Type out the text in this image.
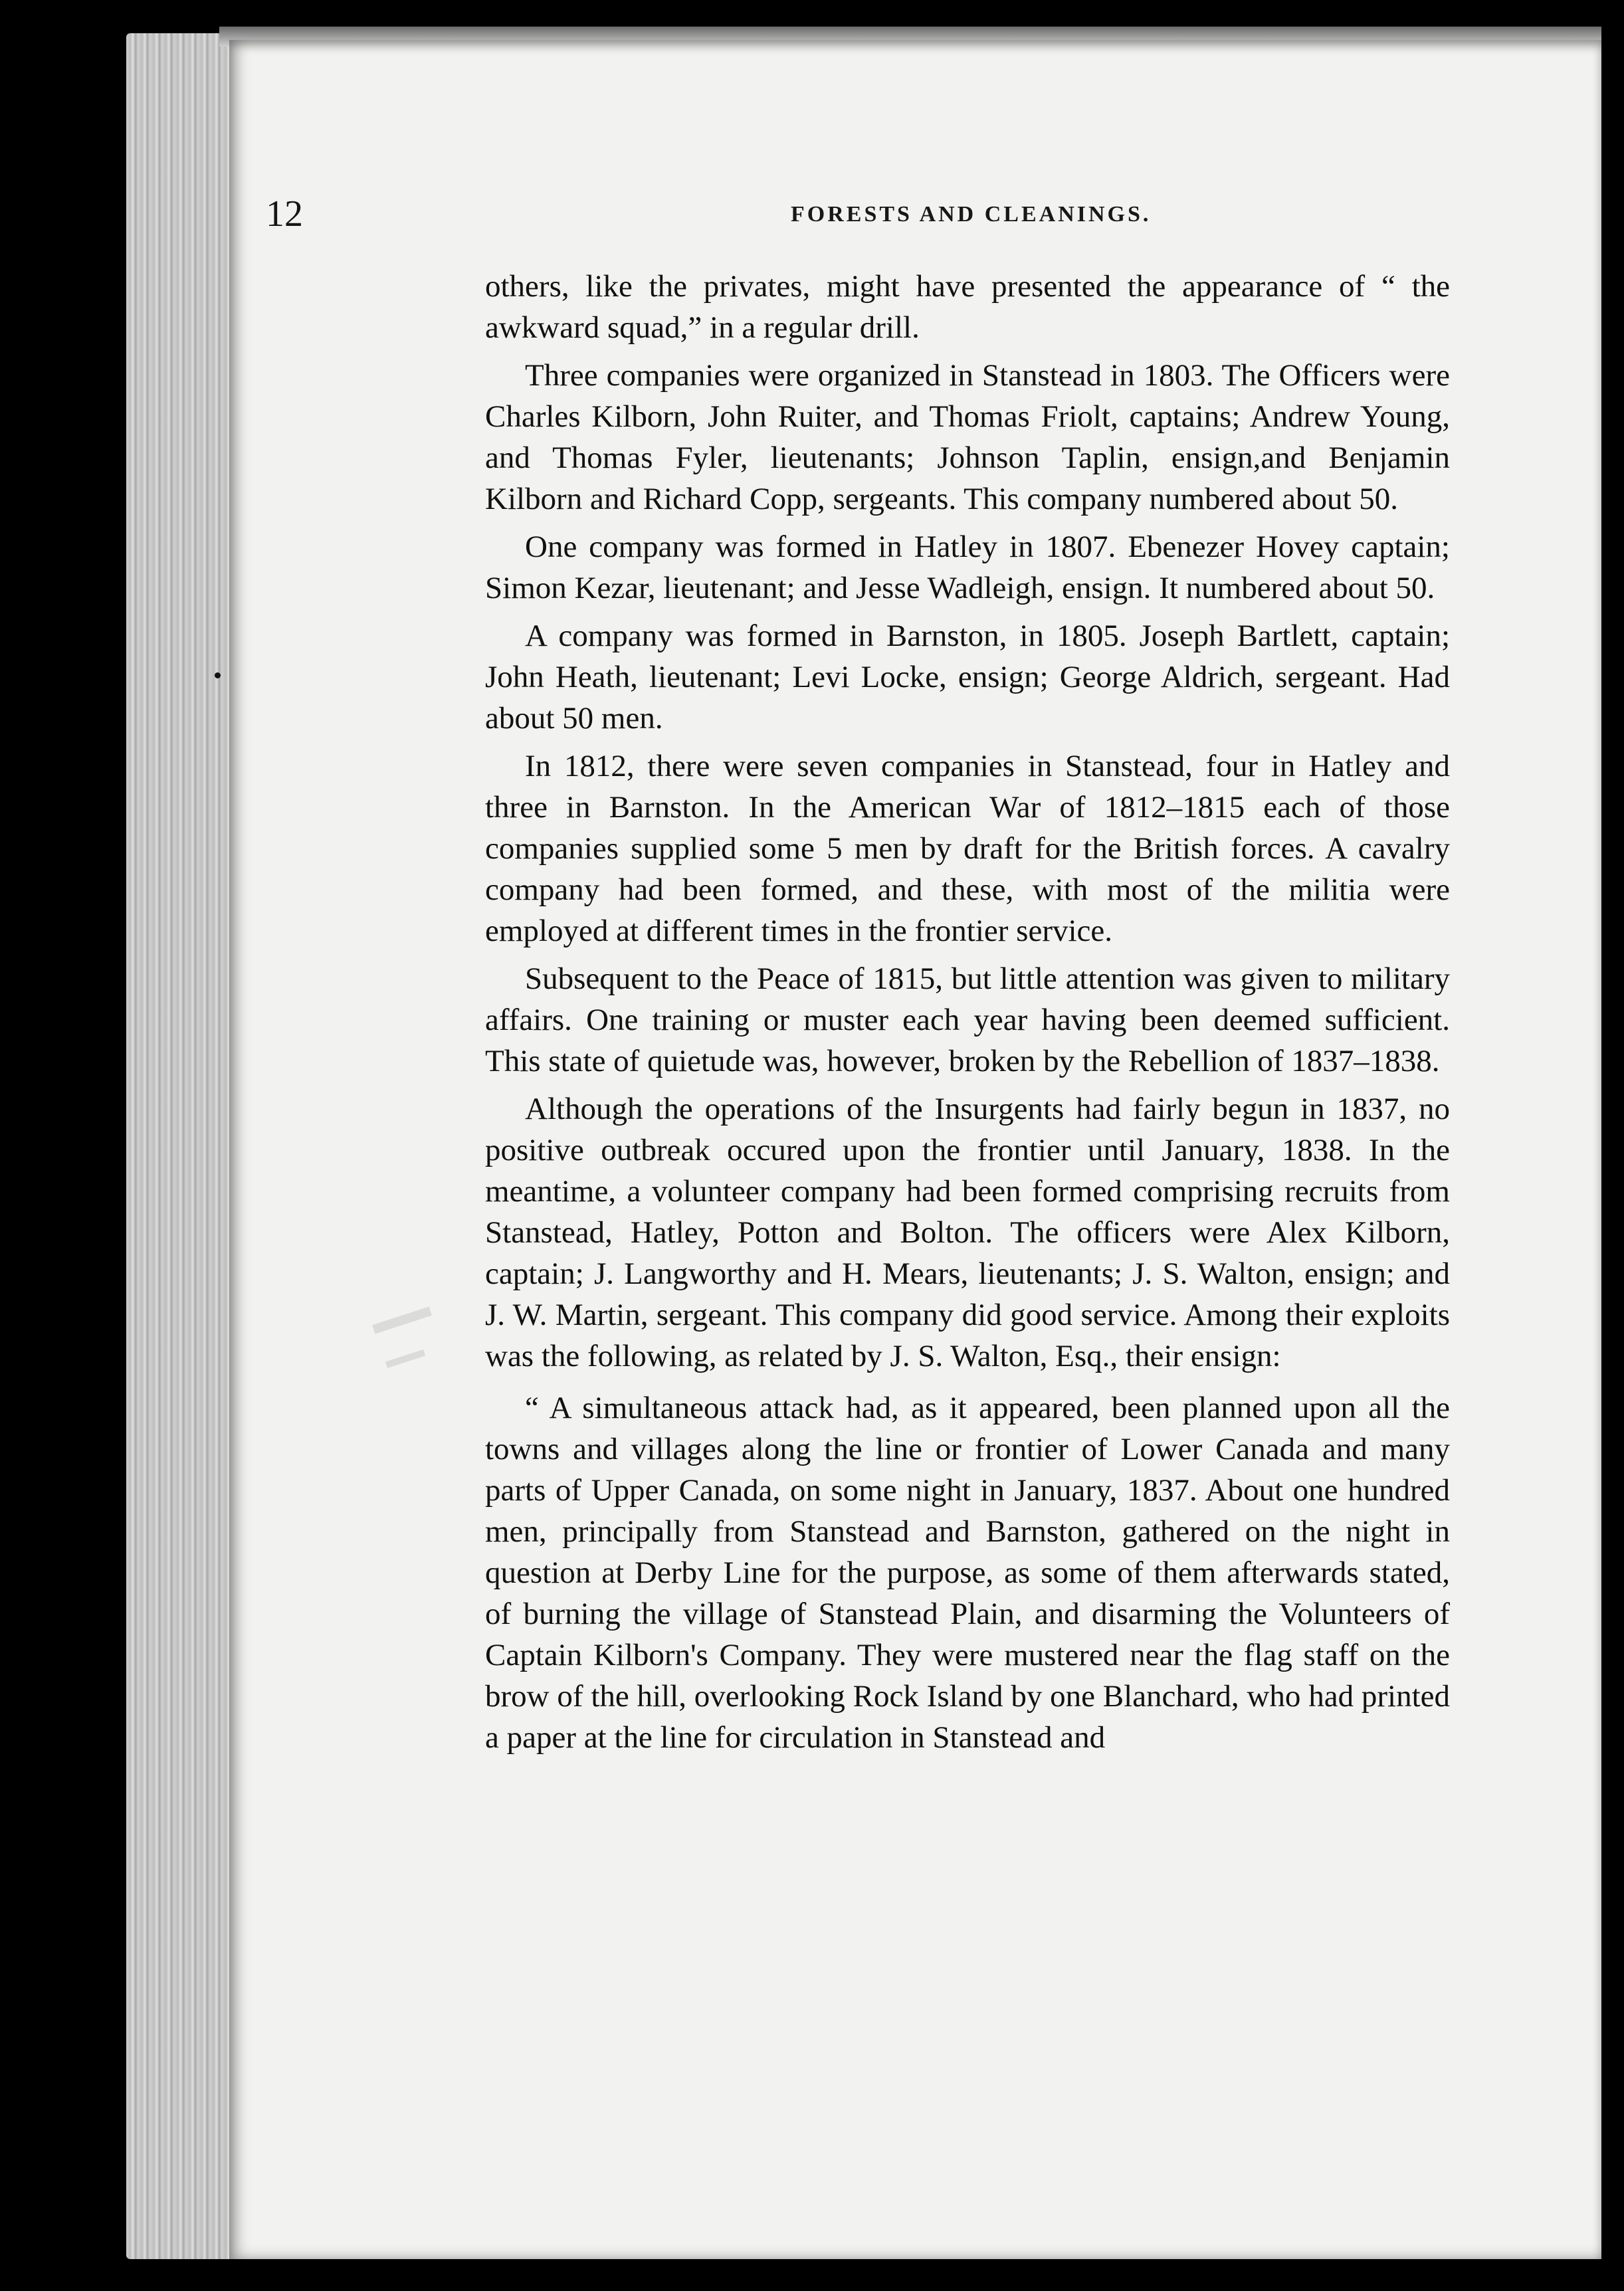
12	FORESTS AND CLEANINGS.

others, like the privates, might have presented the appearance of “ the awkward squad,” in a regular drill.

Three companies were organized in Stanstead in 1803. The Officers were Charles Kilborn, John Ruiter, and Thomas Friolt, captains; Andrew Young, and Thomas Fyler, lieutenants; Johnson Taplin, ensign,and Benjamin Kilborn and Richard Copp, sergeants. This company numbered about 50.

One company was formed in Hatley in 1807. Ebenezer Hovey captain; Simon Kezar, lieutenant; and Jesse Wadleigh, ensign. It numbered about 50.

A company was formed in Barnston, in 1805. Joseph Bartlett, captain; John Heath, lieutenant; Levi Locke, ensign; George Aldrich, sergeant. Had about 50 men.

In 1812, there were seven companies in Stanstead, four in Hatley and three in Barnston. In the American War of 1812–1815 each of those companies supplied some 5 men by draft for the British forces. A cavalry company had been formed, and these, with most of the militia were employed at different times in the frontier service.

Subsequent to the Peace of 1815, but little attention was given to military affairs. One training or muster each year having been deemed sufficient. This state of quietude was, however, broken by the Rebellion of 1837–1838.

Although the operations of the Insurgents had fairly begun in 1837, no positive outbreak occured upon the frontier until January, 1838. In the meantime, a volunteer company had been formed comprising recruits from Stanstead, Hatley, Potton and Bolton. The officers were Alex Kilborn, captain; J. Langworthy and H. Mears, lieutenants; J. S. Walton, ensign; and J. W. Martin, sergeant. This company did good service. Among their exploits was the following, as related by J. S. Walton, Esq., their ensign:

“ A simultaneous attack had, as it appeared, been planned upon all the towns and villages along the line or frontier of Lower Canada and many parts of Upper Canada, on some night in January, 1837. About one hundred men, principally from Stanstead and Barnston, gathered on the night in question at Derby Line for the purpose, as some of them afterwards stated, of burning the village of Stanstead Plain, and disarming the Volunteers of Captain Kilborn's Company. They were mustered near the flag staff on the brow of the hill, overlooking Rock Island by one Blanchard, who had printed a paper at the line for circulation in Stanstead and
